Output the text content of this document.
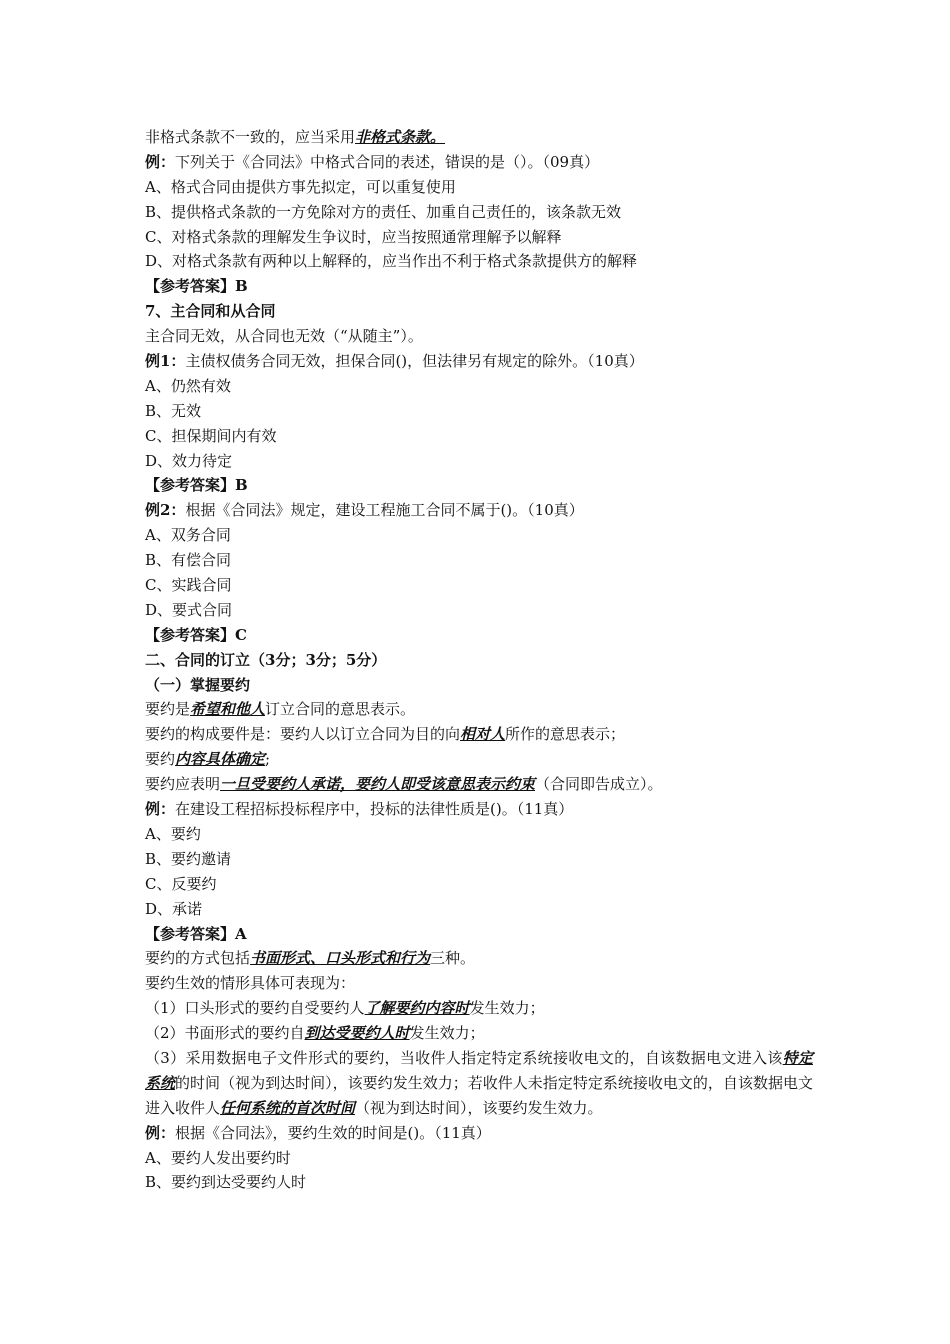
非格式条款不一致的，应当采用非格式条款。
例：下列关于《合同法》中格式合同的表述，错误的是（）。（09真）
A、格式合同由提供方事先拟定，可以重复使用
B、提供格式条款的一方免除对方的责任、加重自己责任的，该条款无效
C、对格式条款的理解发生争议时，应当按照通常理解予以解释
D、对格式条款有两种以上解释的，应当作出不利于格式条款提供方的解释
【参考答案】B
7、主合同和从合同
主合同无效，从合同也无效（“从随主”）。
例1：主债权债务合同无效，担保合同()，但法律另有规定的除外。（10真）
A、仍然有效
B、无效
C、担保期间内有效
D、效力待定
【参考答案】B
例2：根据《合同法》规定，建设工程施工合同不属于()。（10真）
A、双务合同
B、有偿合同
C、实践合同
D、要式合同
【参考答案】C
二、合同的订立（3分；3分；5分）
（一）掌握要约
要约是希望和他人订立合同的意思表示。
要约的构成要件是：要约人以订立合同为目的向相对人所作的意思表示；
要约内容具体确定;
要约应表明一旦受要约人承诺，要约人即受该意思表示约束（合同即告成立）。
例：在建设工程招标投标程序中，投标的法律性质是()。（11真）
A、要约
B、要约邀请
C、反要约
D、承诺
【参考答案】A
要约的方式包括书面形式、口头形式和行为三种。
要约生效的情形具体可表现为：
（1）口头形式的要约自受要约人了解要约内容时发生效力；
（2）书面形式的要约自到达受要约人时发生效力；
（3）采用数据电子文件形式的要约，当收件人指定特定系统接收电文的，自该数据电文进入该特定系统的时间（视为到达时间），该要约发生效力；若收件人未指定特定系统接收电文的，自该数据电文进入收件人任何系统的首次时间（视为到达时间），该要约发生效力。
例：根据《合同法》，要约生效的时间是()。（11真）
A、要约人发出要约时
B、要约到达受要约人时
